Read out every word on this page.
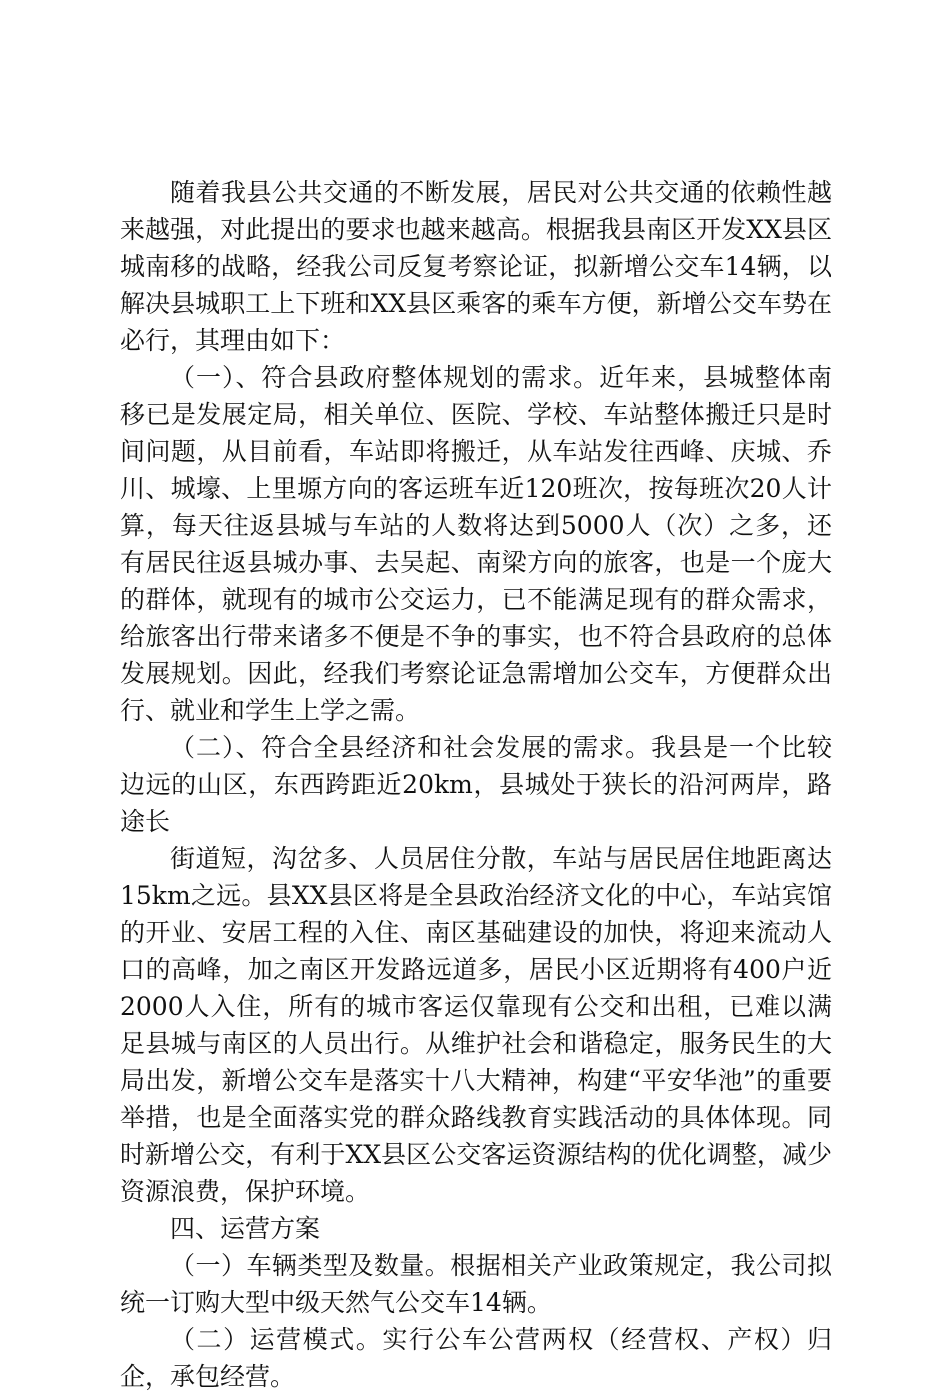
随着我县公共交通的不断发展，居民对公共交通的依赖性越来越强，对此提出的要求也越来越高。根据我县南区开发XX县区城南移的战略，经我公司反复考察论证，拟新增公交车14辆，以解决县城职工上下班和XX县区乘客的乘车方便，新增公交车势在必行，其理由如下：

（一）、符合县政府整体规划的需求。近年来，县城整体南移已是发展定局，相关单位、医院、学校、车站整体搬迁只是时间问题，从目前看，车站即将搬迁，从车站发往西峰、庆城、乔川、城壕、上里塬方向的客运班车近120班次，按每班次20人计算，每天往返县城与车站的人数将达到5000人（次）之多，还有居民往返县城办事、去吴起、南梁方向的旅客，也是一个庞大的群体，就现有的城市公交运力，已不能满足现有的群众需求，给旅客出行带来诸多不便是不争的事实，也不符合县政府的总体发展规划。因此，经我们考察论证急需增加公交车，方便群众出行、就业和学生上学之需。

（二）、符合全县经济和社会发展的需求。我县是一个比较边远的山区，东西跨距近20km，县城处于狭长的沿河两岸，路途长

街道短，沟岔多、人员居住分散，车站与居民居住地距离达15km之远。县XX县区将是全县政治经济文化的中心，车站宾馆的开业、安居工程的入住、南区基础建设的加快，将迎来流动人口的高峰，加之南区开发路远道多，居民小区近期将有400户近2000人入住，所有的城市客运仅靠现有公交和出租，已难以满足县城与南区的人员出行。从维护社会和谐稳定，服务民生的大局出发，新增公交车是落实十八大精神，构建“平安华池”的重要举措，也是全面落实党的群众路线教育实践活动的具体体现。同时新增公交，有利于XX县区公交客运资源结构的优化调整，减少资源浪费，保护环境。

四、运营方案

（一）车辆类型及数量。根据相关产业政策规定，我公司拟统一订购大型中级天然气公交车14辆。

（二）运营模式。实行公车公营两权（经营权、产权）归企，承包经营。
